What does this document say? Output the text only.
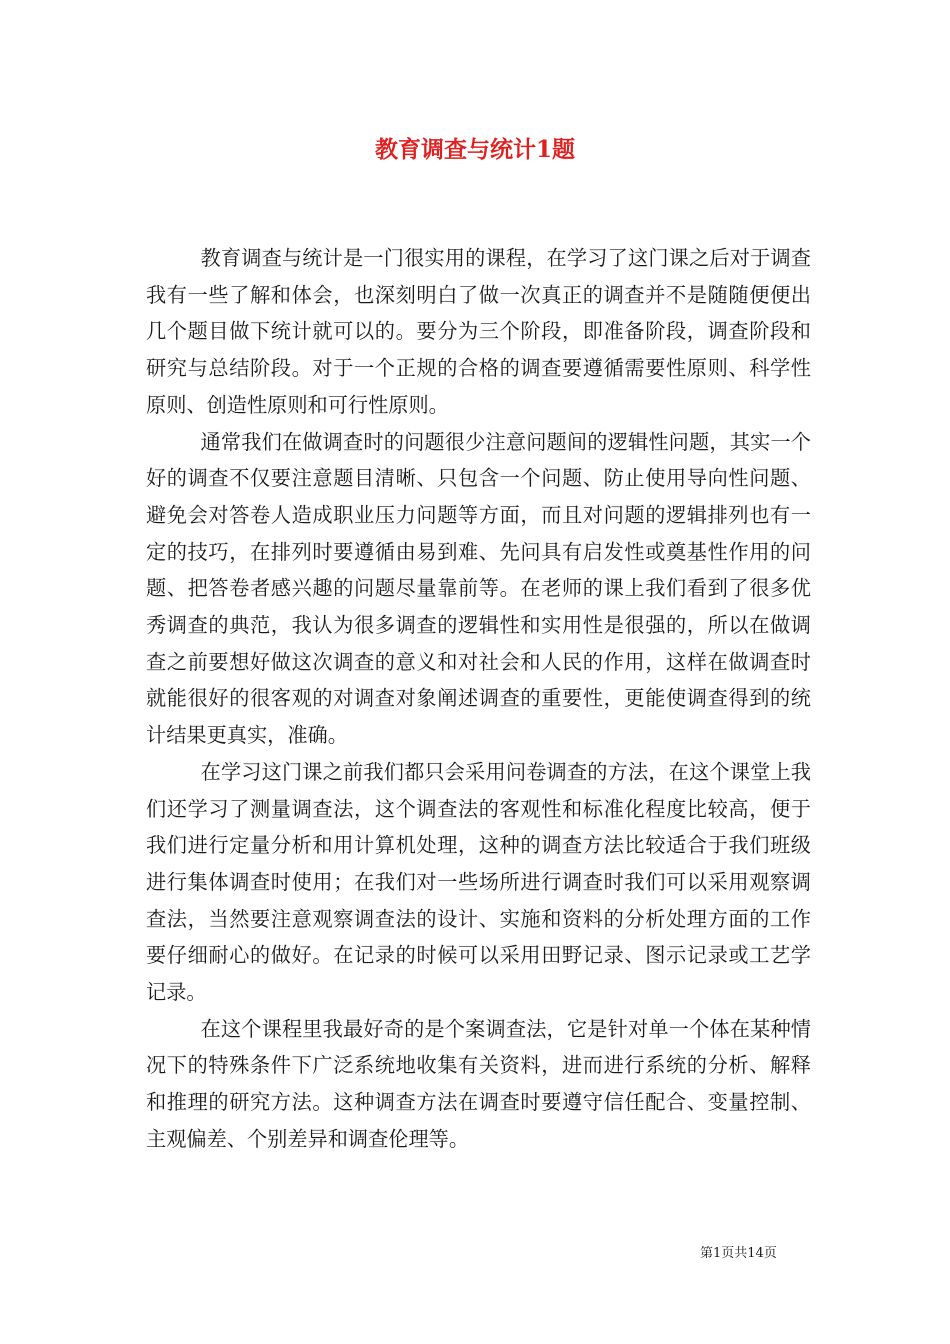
教育调查与统计1题

教育调查与统计是一门很实用的课程，在学习了这门课之后对于调查我有一些了解和体会，也深刻明白了做一次真正的调查并不是随随便便出几个题目做下统计就可以的。要分为三个阶段，即准备阶段，调查阶段和研究与总结阶段。对于一个正规的合格的调查要遵循需要性原则、科学性原则、创造性原则和可行性原则。

通常我们在做调查时的问题很少注意问题间的逻辑性问题，其实一个好的调查不仅要注意题目清晰、只包含一个问题、防止使用导向性问题、避免会对答卷人造成职业压力问题等方面，而且对问题的逻辑排列也有一定的技巧，在排列时要遵循由易到难、先问具有启发性或奠基性作用的问题、把答卷者感兴趣的问题尽量靠前等。在老师的课上我们看到了很多优秀调查的典范，我认为很多调查的逻辑性和实用性是很强的，所以在做调查之前要想好做这次调查的意义和对社会和人民的作用，这样在做调查时就能很好的很客观的对调查对象阐述调查的重要性，更能使调查得到的统计结果更真实，准确。

在学习这门课之前我们都只会采用问卷调查的方法，在这个课堂上我们还学习了测量调查法，这个调查法的客观性和标准化程度比较高，便于我们进行定量分析和用计算机处理，这种的调查方法比较适合于我们班级进行集体调查时使用；在我们对一些场所进行调查时我们可以采用观察调查法，当然要注意观察调查法的设计、实施和资料的分析处理方面的工作要仔细耐心的做好。在记录的时候可以采用田野记录、图示记录或工艺学记录。

在这个课程里我最好奇的是个案调查法，它是针对单一个体在某种情况下的特殊条件下广泛系统地收集有关资料，进而进行系统的分析、解释和推理的研究方法。这种调查方法在调查时要遵守信任配合、变量控制、主观偏差、个别差异和调查伦理等。

第1页共14页
